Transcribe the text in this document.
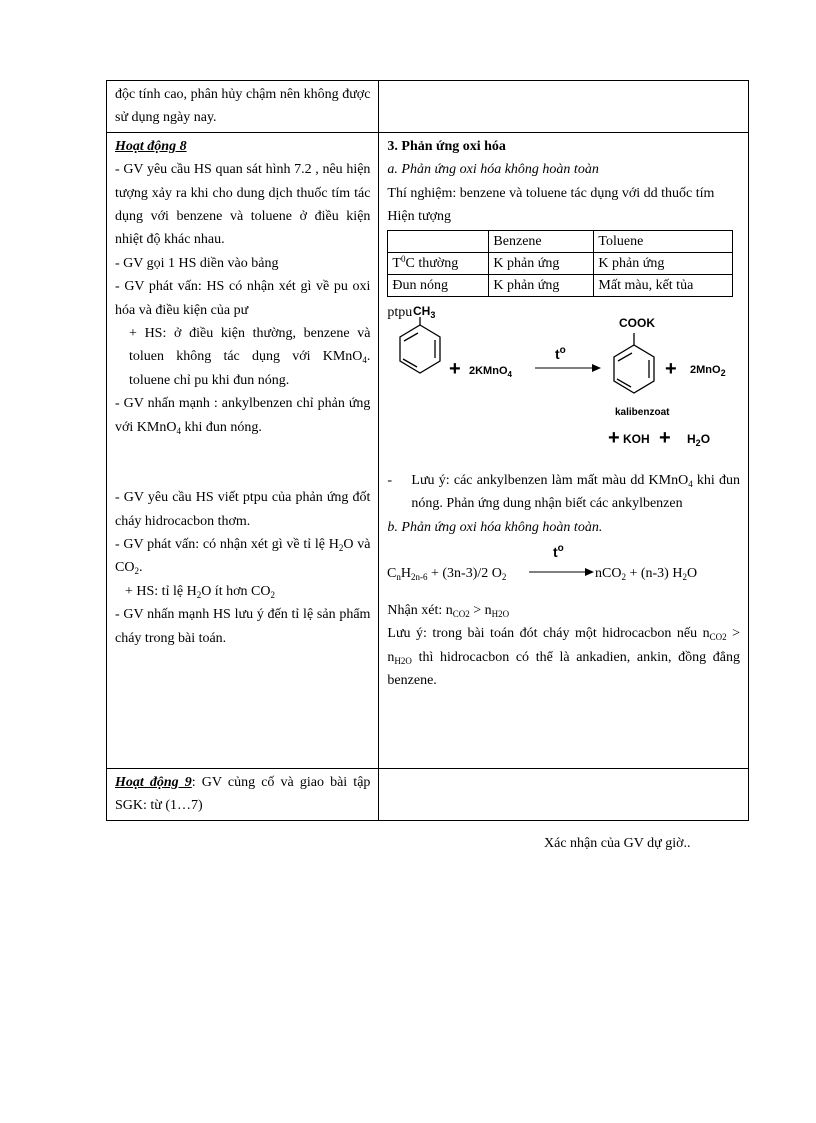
độc tính cao, phân hủy chậm nên không được sử dụng ngày nay.	

Hoạt động 8
- GV yêu cầu HS quan sát hình 7.2 , nêu hiện tượng xảy ra khi cho dung dịch thuốc tím tác dụng với benzene và toluene ở điều kiện nhiệt độ khác nhau.
- GV gọi 1 HS diền vào bảng
- GV phát vấn: HS có nhận xét gì về pu oxi hóa và điều kiện của pư
+ HS: ở điều kiện thường, benzene và toluen không tác dụng với KMnO$_4$. toluene chỉ pu khi đun nóng.
- GV nhấn mạnh : ankylbenzen chỉ phản ứng với KMnO$_4$ khi đun nóng.
- GV yêu cầu HS viết ptpu của phản ứng đốt cháy hidrocacbon thơm.
- GV phát vấn: có nhận xét gì về tỉ lệ $H_2O$ và $CO_2$.
+ HS: tỉ lệ $H_2O$ ít hơn $CO_2$
- GV nhấn mạnh HS lưu ý đến tỉ lệ sản phẩm cháy trong bài toán.

3. Phản ứng oxi hóa
a. Phản ứng oxi hóa không hoàn toàn
Thí nghiệm: benzene và toluene tác dụng với dd thuốc tím
Hiện tượng
	Benzene	Toluene
$T^0C$ thường	K phản ứng	K phản ứng
Đun nóng	K phản ứng	Mất màu, kết tủa
ptpu $CH_3$
+ 2KMnO$_4$
$t^o$
COOK
+ 2MnO$_2$
kalibenzoat
+ KOH + $H_2O$
-	Lưu ý: các ankylbenzen làm mất màu dd KMnO$_4$ khi đun nóng. Phản ứng dung nhận biết các ankylbenzen
b. Phản ứng oxi hóa không hoàn toàn.
$C_nH_{2n-6} + (3n-3)/2$ $O_2$
$t^o$
nCO$_2$ + (n-3) $H_2O$
Nhận xét: $n_{CO2} > n_{H2O}$
Lưu ý: trong bài toán đót cháy một hidrocacbon nếu $n_{CO2} > n_{H2O}$ thì hidrocacbon có thể là ankadien, ankin, đồng đẳng benzene.

Hoạt động 9: GV củng cố và giao bài tập SGK: từ (1…7)	
Xác nhận của GV dự giờ..
